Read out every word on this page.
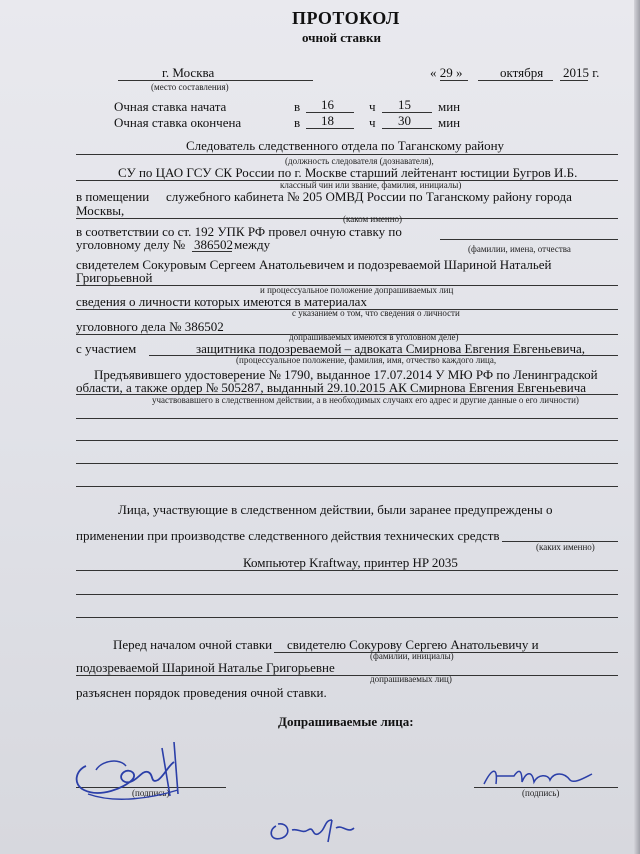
ПРОТОКОЛ
очной ставки
г. Москва
(место составления)
« 29 »	октября 2015 г.
Очная ставка начата	в 16	ч 15 мин
Очная ставка окончена	в 18	ч 30 мин
Следователь следственного отдела по Таганскому району
(должность следователя (дознавателя),
СУ по ЦАО ГСУ СК России по г. Москве старший лейтенант юстиции Бугров И.Б.
классный чин или звание, фамилия, инициалы)
в помещении служебного кабинета № 205 ОМВД России по Таганскому району города
Москвы,
(каком именно)
в соответствии со ст. 192 УПК РФ провел очную ставку по
уголовному делу № 386502 между	(фамилии, имена, отчества
свидетелем Сокуровым Сергеем Анатольевичем и подозреваемой Шариной Натальей
Григорьевной
и процессуальное положение допрашиваемых лиц
сведения о личности которых имеются в материалах
с указанием о том, что сведения о личности
уголовного дела № 386502
допрашиваемых имеются в уголовном деле)
с участием	защитника подозреваемой – адвоката Смирнова Евгения Евгеньевича,
(процессуальное положение, фамилия, имя, отчество каждого лица,
Предъявившего удостоверение № 1790, выданное 17.07.2014 У МЮ РФ по Ленинградской
области, а также ордер № 505287, выданный 29.10.2015 АК Смирнова Евгения Евгеньевича
участвовавшего в следственном действии, а в необходимых случаях его адрес и другие данные о его личности)
Лица, участвующие в следственном действии, были заранее предупреждены о
применении при производстве следственного действия технических средств
(каких именно)
Компьютер Kraftway, принтер HP 2035
Перед началом очной ставки свидетелю Сокурову Сергею Анатольевичу и
(фамилии, инициалы)
подозреваемой Шариной Наталье Григорьевне
допрашиваемых лиц)
разъяснен порядок проведения очной ставки.
Допрашиваемые лица:
(подпись)	(подпись)
